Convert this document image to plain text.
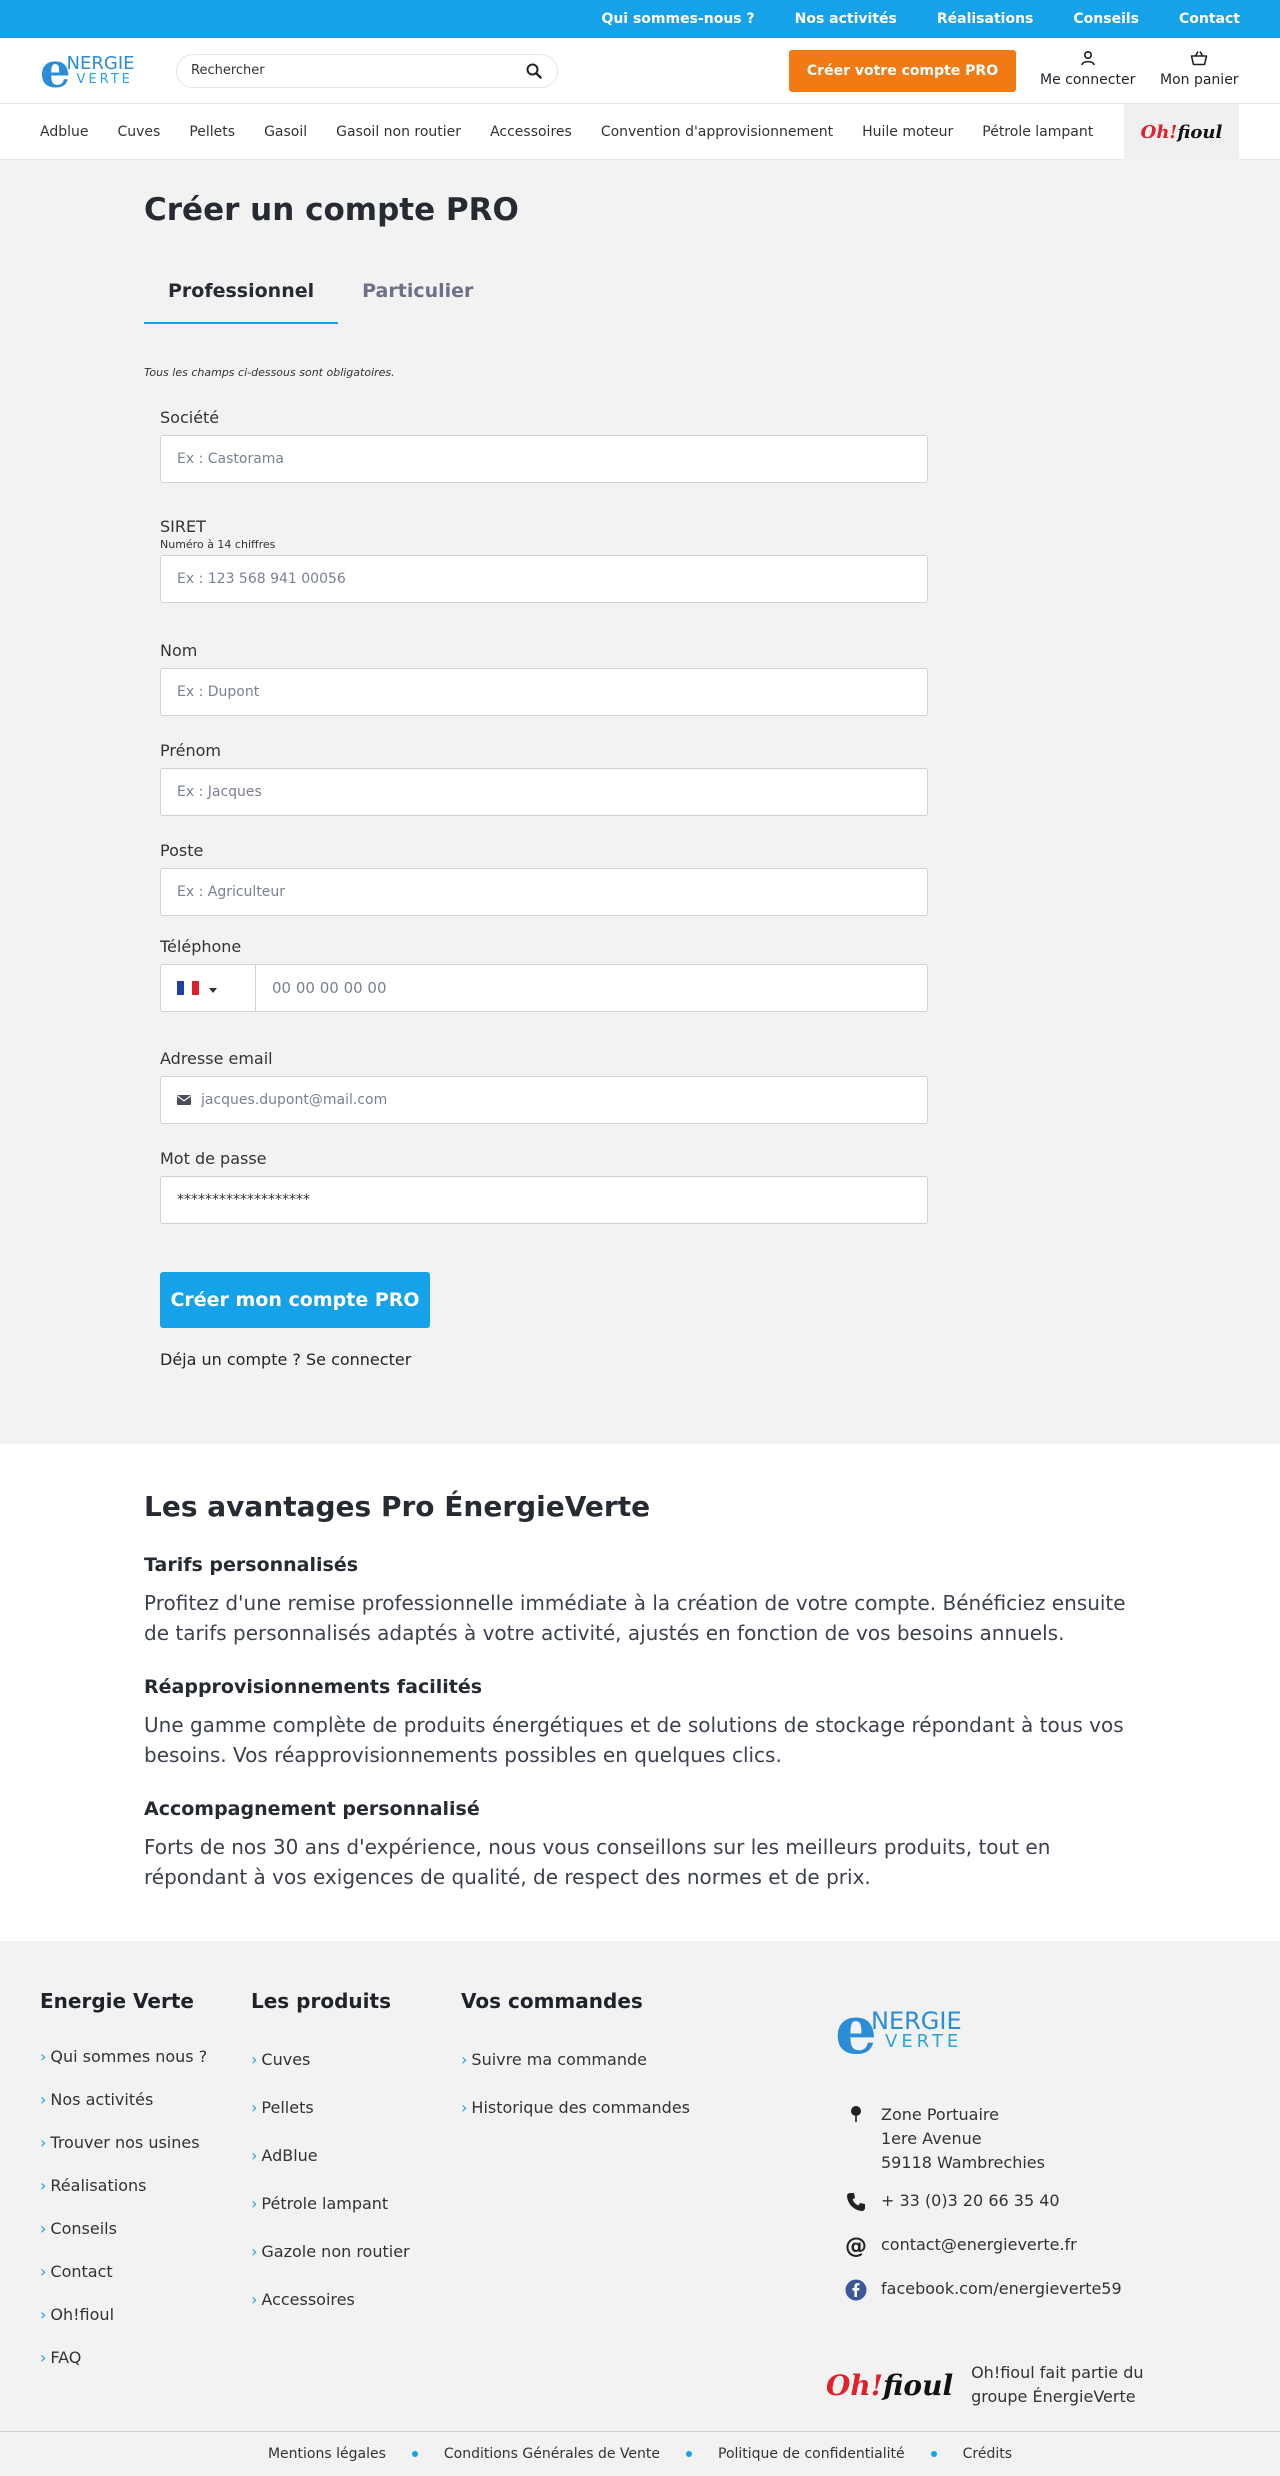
Qui sommes-nous ?	Nos activités	Réalisations	Conseils	Contact
e
NERGIE
VERTE
Rechercher
Créer votre compte PRO
Me connecter Mon panier
Adblue Cuves Pellets Gasoil Gasoil non routier Accessoires Convention d'approvisionnement Huile moteur Pétrole lampant	Oh!fioul
Créer un compte PRO
Professionnel	Particulier
Tous les champs ci-dessous sont obligatoires.
Société
Ex : Castorama
SIRET
Numéro à 14 chiffres
Ex : 123 568 941 00056
Nom
Ex : Dupont
Prénom
Ex : Jacques
Poste
Ex : Agriculteur
Téléphone
00 00 00 00 00
Adresse email
jacques.dupont@mail.com
Mot de passe
*******************
Créer mon compte PRO
Déja un compte ? Se connecter
Les avantages Pro ÉnergieVerte
Tarifs personnalisés

Profitez d'une remise professionnelle immédiate à la création de votre compte. Bénéficiez ensuite de tarifs personnalisés adaptés à votre activité, ajustés en fonction de vos besoins annuels.

Réapprovisionnements facilités

Une gamme complète de produits énergétiques et de solutions de stockage répondant à tous vos besoins. Vos réapprovisionnements possibles en quelques clics.

Accompagnement personnalisé

Forts de nos 30 ans d'expérience, nous vous conseillons sur les meilleurs produits, tout en répondant à vos exigences de qualité, de respect des normes et de prix.

Energie Verte
› Qui sommes nous ?
› Nos activités
› Trouver nos usines
› Réalisations
› Conseils
› Contact
› Oh!fioul
› FAQ
Les produits
› Cuves
› Pellets
› AdBlue
› Pétrole lampant
› Gazole non routier
› Accessoires
Vos commandes
› Suivre ma commande
› Historique des commandes
e
NERGIE
VERTE
Zone Portuaire
1ere Avenue
59118 Wambrechies
+ 33 (0)3 20 66 35 40
@ contact@energieverte.fr
facebook.com/energieverte59
Oh!fioul Oh!fioul fait partie du
groupe ÉnergieVerte
Mentions légales	Conditions Générales de Vente	Politique de confidentialité	Crédits
